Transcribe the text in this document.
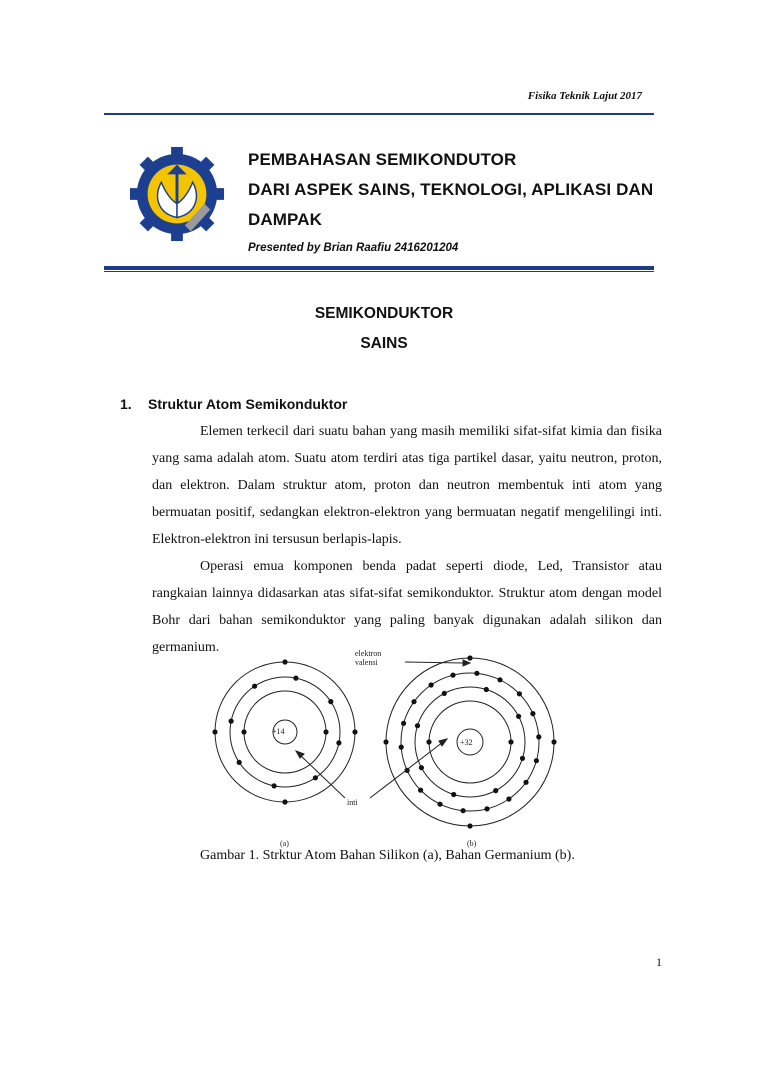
Fisika Teknik Lajut 2017
PEMBAHASAN SEMIKONDUTOR
DARI ASPEK SAINS, TEKNOLOGI, APLIKASI DAN
DAMPAK
Presented by Brian Raafiu 2416201204
SEMIKONDUKTOR
SAINS
1. Struktur Atom Semikonduktor

Elemen terkecil dari suatu bahan yang masih memiliki sifat-sifat kimia dan fisika yang sama adalah atom. Suatu atom terdiri atas tiga partikel dasar, yaitu neutron, proton, dan elektron. Dalam struktur atom, proton dan neutron membentuk inti atom yang bermuatan positif, sedangkan elektron-elektron yang bermuatan negatif mengelilingi inti. Elektron-elektron ini tersusun berlapis-lapis.

Operasi emua komponen benda padat seperti diode, Led, Transistor atau rangkaian lainnya didasarkan atas sifat-sifat semikonduktor. Struktur atom dengan model Bohr dari bahan semikonduktor yang paling banyak digunakan adalah silikon dan germanium.	elektron
valensi
inti
+14
+32
(a)	(b)
Gambar 1. Strktur Atom Bahan Silikon (a), Bahan Germanium (b).
1
